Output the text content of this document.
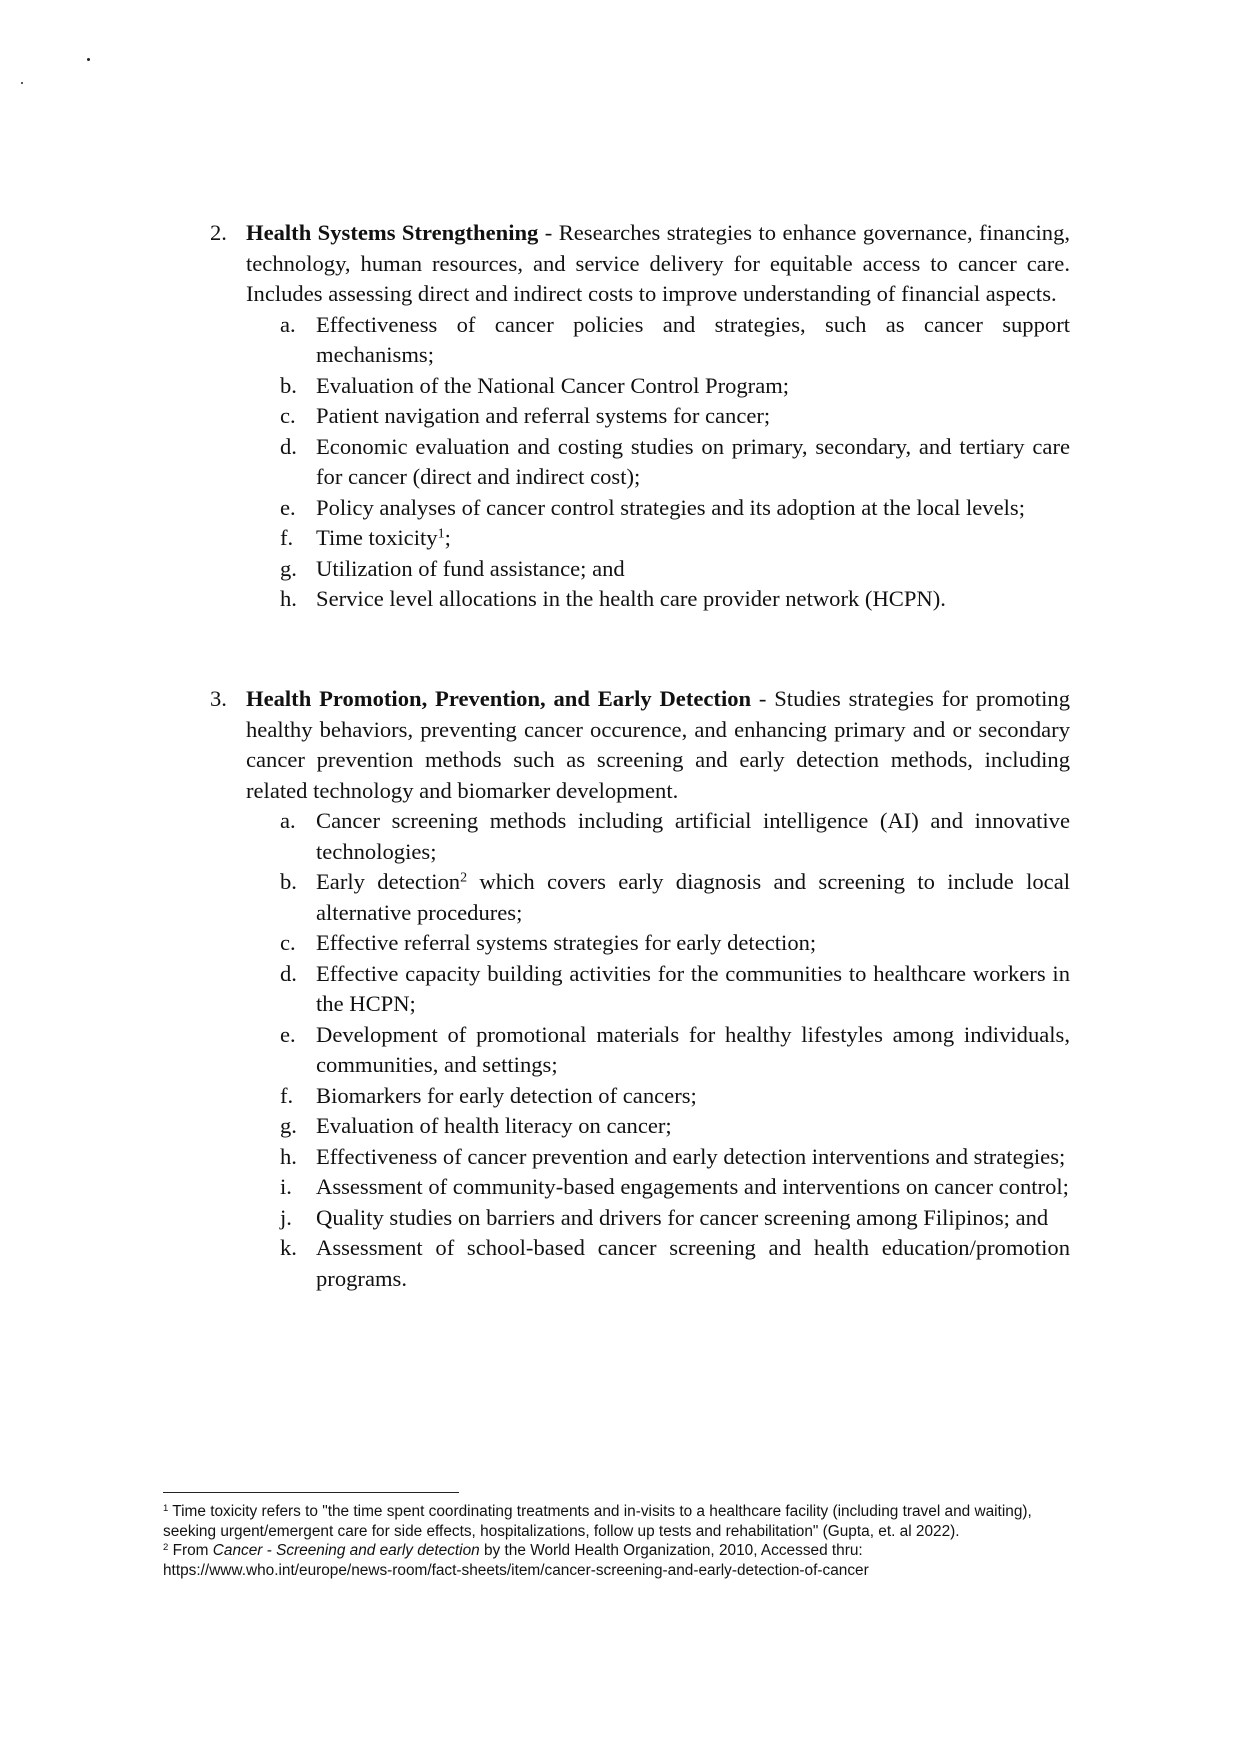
2. Health Systems Strengthening - Researches strategies to enhance governance, financing, technology, human resources, and service delivery for equitable access to cancer care. Includes assessing direct and indirect costs to improve understanding of financial aspects.
a. Effectiveness of cancer policies and strategies, such as cancer support mechanisms;
b. Evaluation of the National Cancer Control Program;
c. Patient navigation and referral systems for cancer;
d. Economic evaluation and costing studies on primary, secondary, and tertiary care for cancer (direct and indirect cost);
e. Policy analyses of cancer control strategies and its adoption at the local levels;
f. Time toxicity$^1$;
g. Utilization of fund assistance; and
h. Service level allocations in the health care provider network (HCPN).
3. Health Promotion, Prevention, and Early Detection - Studies strategies for promoting healthy behaviors, preventing cancer occurence, and enhancing primary and or secondary cancer prevention methods such as screening and early detection methods, including related technology and biomarker development.
a. Cancer screening methods including artificial intelligence (AI) and innovative technologies;
b. Early detection$^2$ which covers early diagnosis and screening to include local alternative procedures;
c. Effective referral systems strategies for early detection;
d. Effective capacity building activities for the communities to healthcare workers in the HCPN;
e. Development of promotional materials for healthy lifestyles among individuals, communities, and settings;
f. Biomarkers for early detection of cancers;
g. Evaluation of health literacy on cancer;
h. Effectiveness of cancer prevention and early detection interventions and strategies;
i. Assessment of community-based engagements and interventions on cancer control;
j. Quality studies on barriers and drivers for cancer screening among Filipinos; and
k. Assessment of school-based cancer screening and health education/promotion programs.

$^1$ Time toxicity refers to "the time spent coordinating treatments and in-visits to a healthcare facility (including travel and waiting), seeking urgent/emergent care for side effects, hospitalizations, follow up tests and rehabilitation" (Gupta, et. al 2022).

$^2$ From Cancer - Screening and early detection by the World Health Organization, 2010, Accessed thru: https://www.who.int/europe/news-room/fact-sheets/item/cancer-screening-and-early-detection-of-cancer
